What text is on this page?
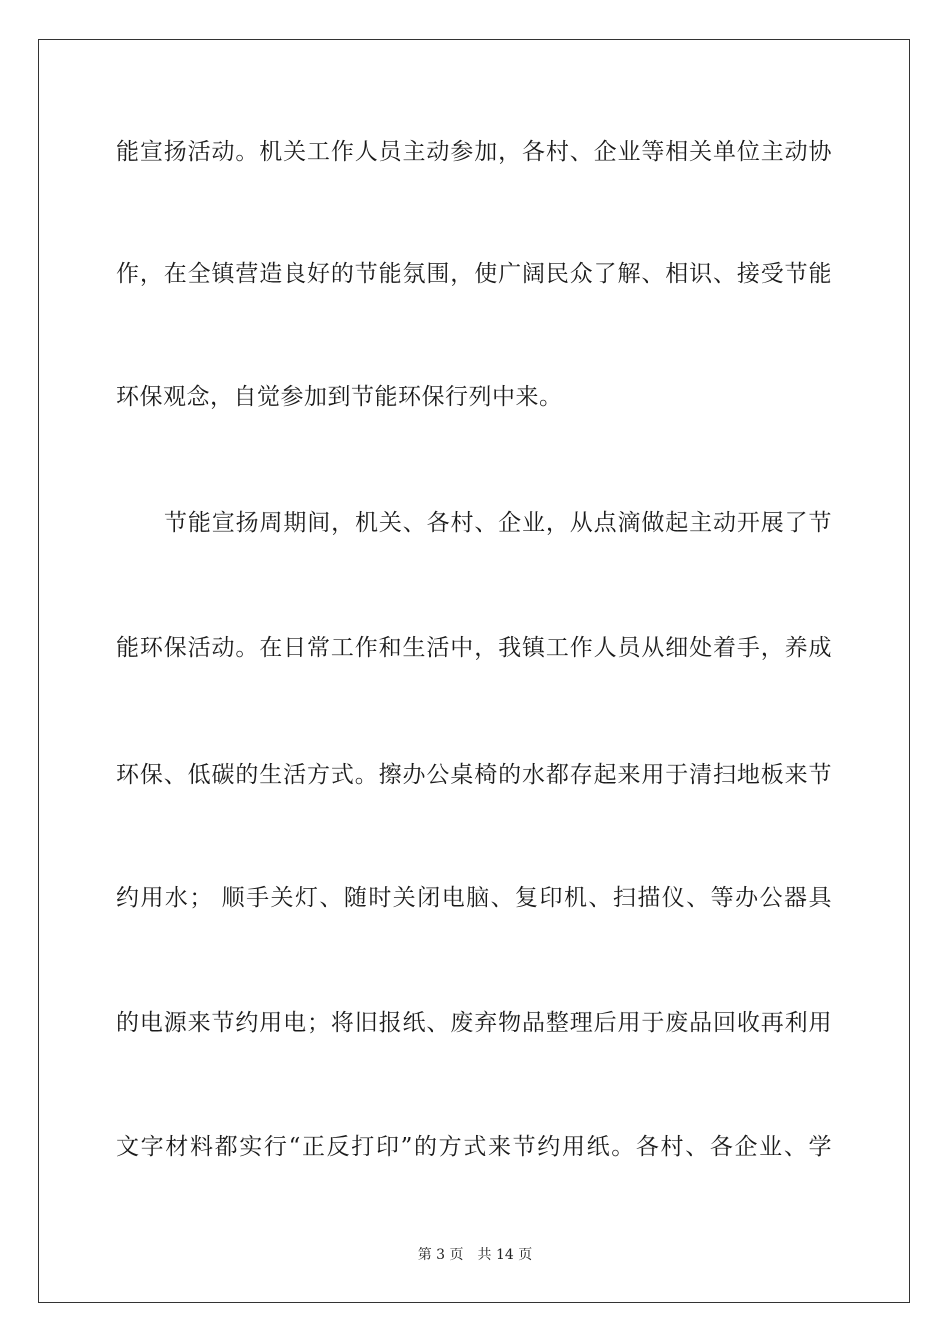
能宣扬活动。机关工作人员主动参加，各村、企业等相关单位主动协
作，在全镇营造良好的节能氛围，使广阔民众了解、相识、接受节能
环保观念，自觉参加到节能环保行列中来。
节能宣扬周期间，机关、各村、企业，从点滴做起主动开展了节
能环保活动。在日常工作和生活中，我镇工作人员从细处着手，养成
环保、低碳的生活方式。擦办公桌椅的水都存起来用于清扫地板来节
约用水； 顺手关灯、随时关闭电脑、复印机、扫描仪、等办公器具
的电源来节约用电；将旧报纸、废弃物品整理后用于废品回收再利用
文字材料都实行“正反打印”的方式来节约用纸。各村、各企业、学
第 3 页 共 14 页
